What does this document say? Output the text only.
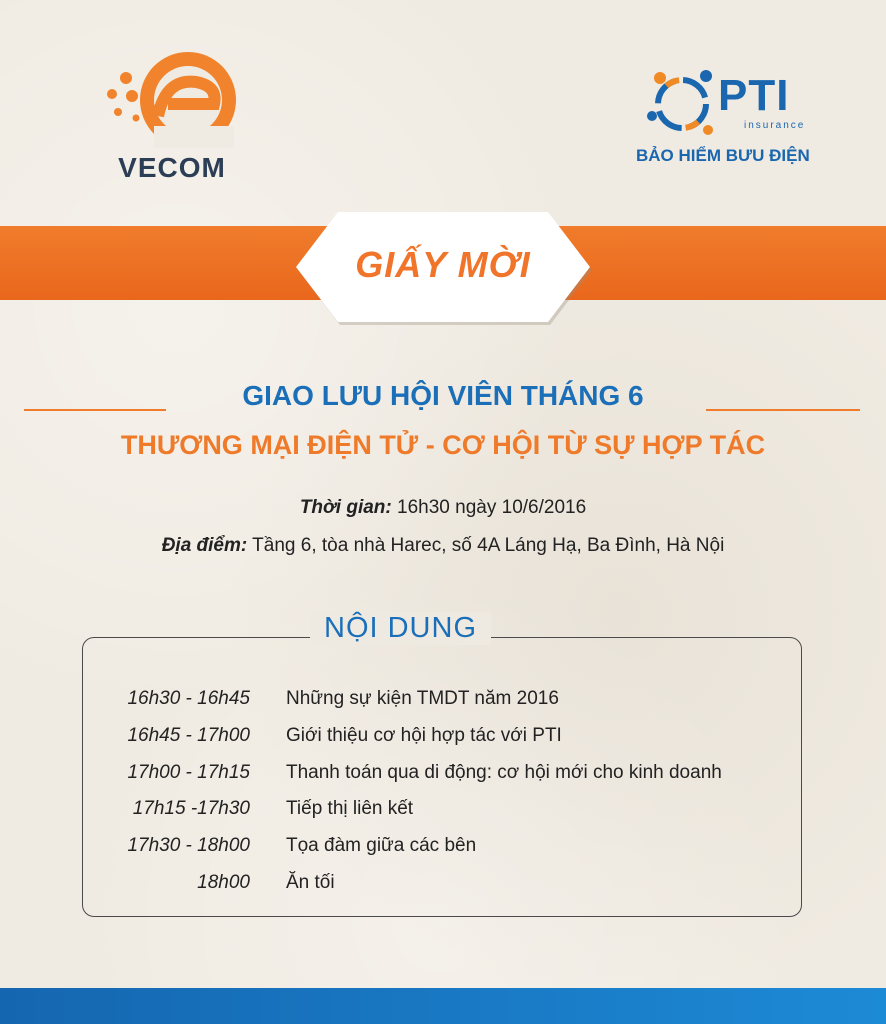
VECOM
PTI
insurance
BẢO HIỂM BƯU ĐIỆN
GIẤY MỜI
GIAO LƯU HỘI VIÊN THÁNG 6
THƯƠNG MẠI ĐIỆN TỬ - CƠ HỘI TỪ SỰ HỢP TÁC
Thời gian: 16h30 ngày 10/6/2016
Địa điểm: Tầng 6, tòa nhà Harec, số 4A Láng Hạ, Ba Đình, Hà Nội
NỘI DUNG
16h30 - 16h45 Những sự kiện TMDT năm 2016
16h45 - 17h00 Giới thiệu cơ hội hợp tác với PTI
17h00 - 17h15 Thanh toán qua di động: cơ hội mới cho kinh doanh
17h15 -17h30 Tiếp thị liên kết
17h30 - 18h00 Tọa đàm giữa các bên
18h00 Ăn tối
